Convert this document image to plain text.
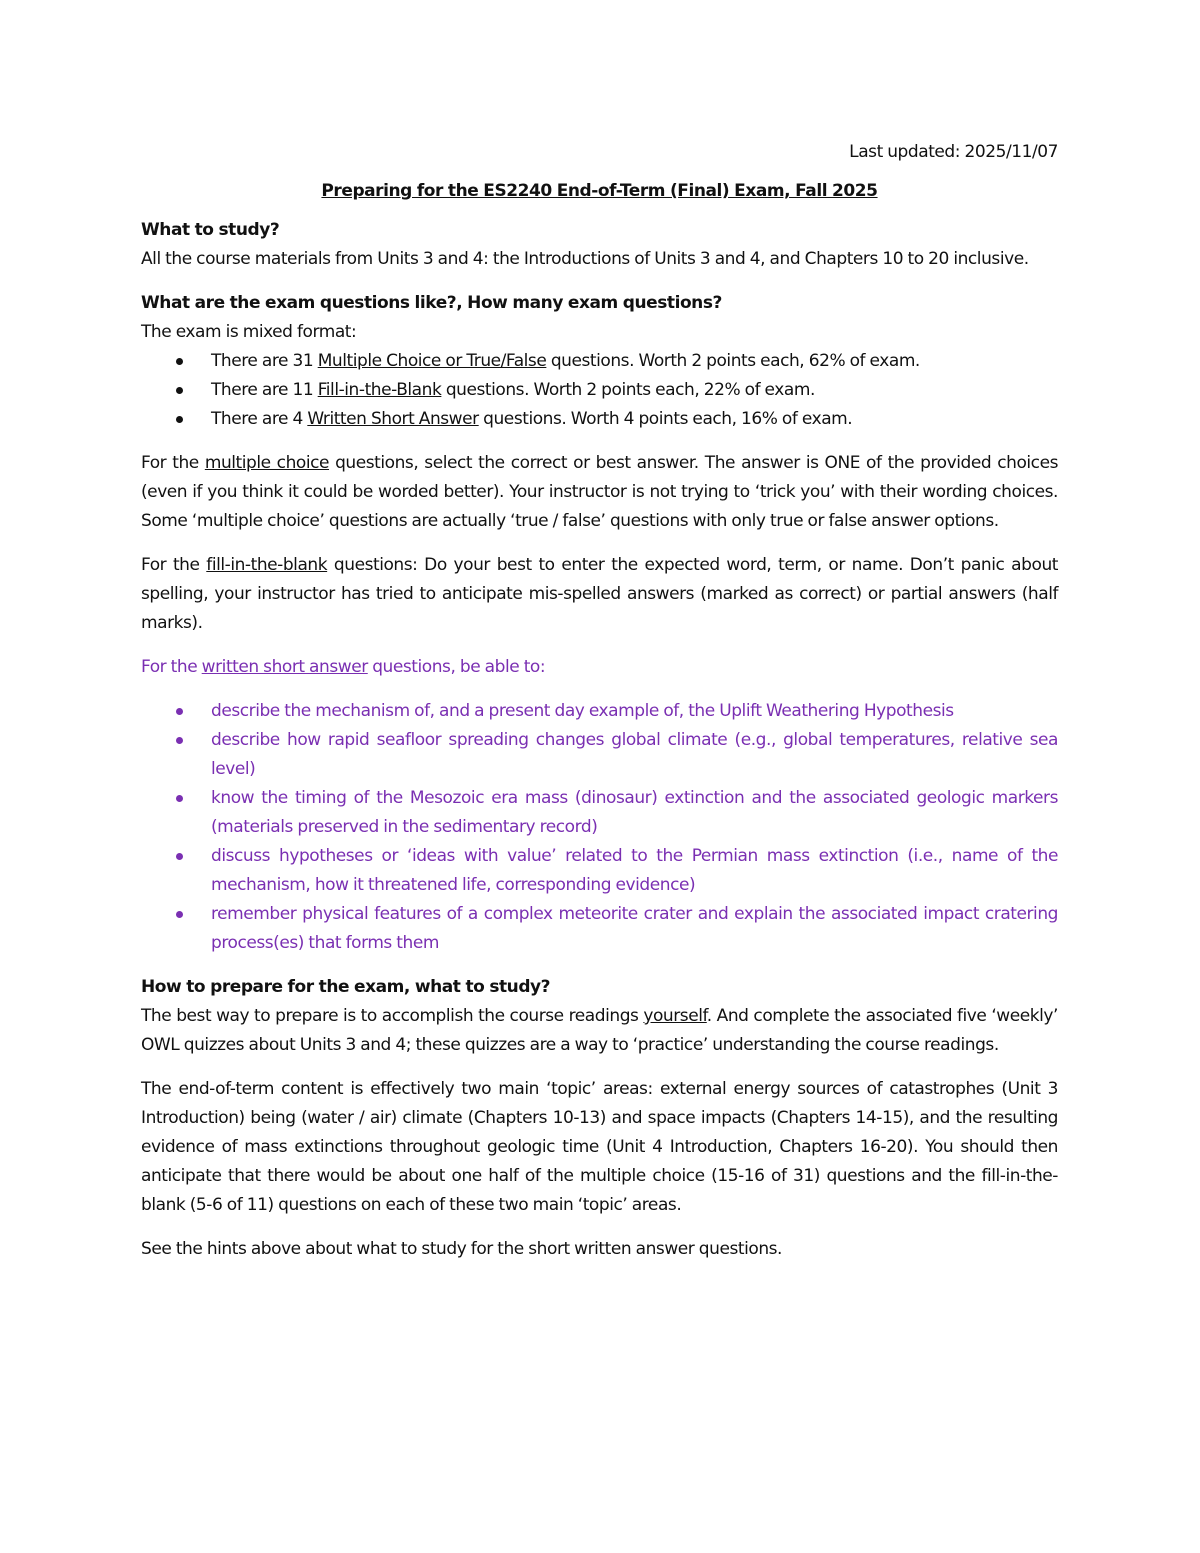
Last updated: 2025/11/07

Preparing for the ES2240 End-of-Term (Final) Exam, Fall 2025

What to study?

All the course materials from Units 3 and 4: the Introductions of Units 3 and 4, and Chapters 10 to 20 inclusive.

What are the exam questions like?, How many exam questions?

The exam is mixed format:

There are 31 Multiple Choice or True/False questions. Worth 2 points each, 62% of exam.
There are 11 Fill-in-the-Blank questions. Worth 2 points each, 22% of exam.
There are 4 Written Short Answer questions. Worth 4 points each, 16% of exam.

For the multiple choice questions, select the correct or best answer. The answer is ONE of the provided choices (even if you think it could be worded better). Your instructor is not trying to ‘trick you’ with their wording choices. Some ‘multiple choice’ questions are actually ‘true / false’ questions with only true or false answer options.

For the fill-in-the-blank questions: Do your best to enter the expected word, term, or name. Don’t panic about spelling, your instructor has tried to anticipate mis-spelled answers (marked as correct) or partial answers (half marks).

For the written short answer questions, be able to:

describe the mechanism of, and a present day example of, the Uplift Weathering Hypothesis
describe how rapid seafloor spreading changes global climate (e.g., global temperatures, relative sea level)
know the timing of the Mesozoic era mass (dinosaur) extinction and the associated geologic markers (materials preserved in the sedimentary record)
discuss hypotheses or ‘ideas with value’ related to the Permian mass extinction (i.e., name of the mechanism, how it threatened life, corresponding evidence)
remember physical features of a complex meteorite crater and explain the associated impact cratering process(es) that forms them

How to prepare for the exam, what to study?

The best way to prepare is to accomplish the course readings yourself. And complete the associated five ‘weekly’ OWL quizzes about Units 3 and 4; these quizzes are a way to ‘practice’ understanding the course readings.

The end-of-term content is effectively two main ‘topic’ areas: external energy sources of catastrophes (Unit 3 Introduction) being (water / air) climate (Chapters 10-13) and space impacts (Chapters 14-15), and the resulting evidence of mass extinctions throughout geologic time (Unit 4 Introduction, Chapters 16-20). You should then anticipate that there would be about one half of the multiple choice (15-16 of 31) questions and the fill-in-the-blank (5-6 of 11) questions on each of these two main ‘topic’ areas.

See the hints above about what to study for the short written answer questions.
